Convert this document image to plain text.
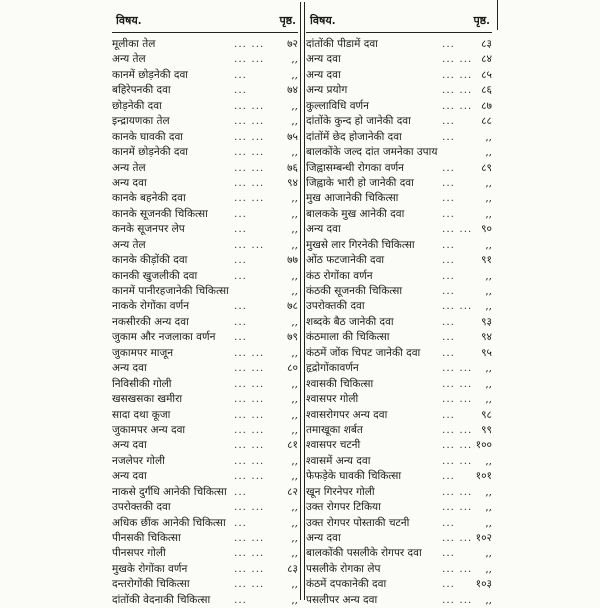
विषय.	पृष्ठ.
मूलीका तेल	... ... ७२
अन्य तेल	... ...	,,
कानमें छोड़नेकी दवा	...	,,
बहिरेपनकी दवा	...	७४
छोड़नेकी दवा	... ...	,,
इन्द्रायणका तेल	... ...	,,
कानके घावकी दवा	... ... ७५
कानमें छोड़नेकी दवा	... ...	,,
अन्य तेल	... ... ७६
अन्य दवा	... ... ९४
कानके बहनेकी दवा	... ...	,,
कानके सूजनकी चिकित्सा ...	,,
कनके सूजनपर लेप	...	,,
अन्य तेल	... ...	,,
कानके कीड़ोंकी दवा	...	७७
कानकी खुजलीकी दवा	...	,,
कानमें पानीरहजानेकी चिकित्सा	,,
नाकके रोगोंका वर्णन	...	७८
नकसीरकी अन्य दवा	...	,,
जुकाम और नजलाका वर्णन ...	७९
जुकामपर माजून	... ...	,,
अन्य दवा	... ... ८०
निविसीकी गोली	... ...	,,
खसखसका खमीरा	... ...	,,
सादा दथा कूजा	... ...	,,
जुकामपर अन्य दवा	... ...	,,
अन्य दवा	... ... ८१
नजलेपर गोली	... ...	,,
अन्य दवा	... ...	,,
नाकसे दुर्गंधि आनेकी चिकित्सा ...	८२
उपरोक्तकी दवा	... ...	,,
अधिक छींक आनेकी चिकित्सा ...	,,
पीनसकी चिकित्सा	... ...	,,
पीनसपर गोली	... ...	,,
मुखके रोगोंका वर्णन	... ... ८३
दन्तरोगोंकी चिकित्सा	... ...	,,
दांतोंकी वेदनाकी चिकित्सा ...	,,
विषय.	पृष्ठ.
दांतोंकी पीडामें दवा	... ८३
अन्य दवा	... ... ८४
अन्य दवा	... ... ८५
अन्य प्रयोग	... ... ८६
कुल्लाविधि वर्णन	... ... ८७
दांतोंके कुन्द हो जानेकी दवा	... ८८
दांतोंमें छेद होजानेकी दवा	...	,,
बालकोंके जल्द दांत जमनेका उपाय	,,
जिह्वासम्बन्धी रोगका वर्णन	... ८९
जिह्वाके भारी हो जानेकी दवा	...	,,
मुख आजानेकी चिकित्सा	...	,,
बालकके मुख आनेकी दवा	...	,,
अन्य दवा	... ... ९०
मुखसे लार गिरनेकी चिकित्सा	...	,,
ओंठ फटजानेकी दवा	... ९१
कंठ रोगोंका वर्णन	...	,,
कंठकी सूजनकी चिकित्सा	...	,,
उपरोक्तकी दवा	... ... ,,
शब्दके बैठ जानेकी दवा	... ९३
कंठमाला की चिकित्सा	... ९४
कंठमें जोंक चिपट जानेकी दवा ... ९५
हृद्रोगोंकावर्णन	... ... ,,
श्वासकी चिकित्सा	... ... ,,
श्वासपर गोली	... ... ,,
श्वासरोगपर अन्य दवा	... ९८
तमाखूका शर्बत	... ... ९९
श्वासपर चटनी	... ... १००
श्वासमें अन्य दवा	... ... ,,
फेफड़ेके घावकी चिकित्सा	... १०१
खून गिरनेपर गोली	... ... ,,
उक्त रोगपर टिकिया	... ... ,,
उक्त रोगपर पोस्ताकी चटनी	...	,,
अन्य दवा	... ... १०२
बालकोंकी पसलीके रोगपर दवा ...	,,
पसलीके रोगका लेप	... ... ,,
कंठमें दपकानेकी दवा	... १०३
पसलीपर अन्य दवा	... ... ,,
